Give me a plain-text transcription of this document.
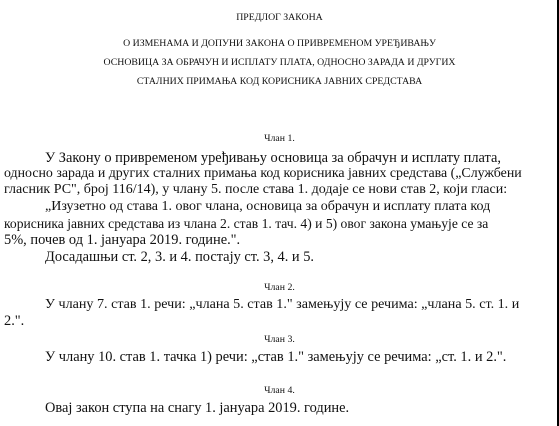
ПРЕДЛОГ ЗАКОНА
О ИЗМЕНАМА И ДОПУНИ ЗАКОНА О ПРИВРЕМЕНОМ УРЕЂИВАЊУ
ОСНОВИЦА ЗА ОБРАЧУН И ИСПЛАТУ ПЛАТА, ОДНОСНО ЗАРАДА И ДРУГИХ
СТАЛНИХ ПРИМАЊА КОД КОРИСНИКА ЈАВНИХ СРЕДСТАВА
Члан 1.
У Закону о привременом уређивању основица за обрачун и исплату плата,
односно зарада и других сталних примања код корисника јавних средстава („Службени
гласник РС", број 116/14), у члану 5. после става 1. додаје се нови став 2, који гласи:
„Изузетно од става 1. овог члана, основица за обрачун и исплату плата код
корисника јавних средстава из члана 2. став 1. тач. 4) и 5) овог закона умањује се за
5%, почев од 1. јануара 2019. године.".
Досадашњи ст. 2, 3. и 4. постају ст. 3, 4. и 5.
Члан 2.
У члану 7. став 1. речи: „члана 5. став 1." замењују се речима: „члана 5. ст. 1. и
2.".
Члан 3.
У члану 10. став 1. тачка 1) речи: „став 1." замењују се речима: „ст. 1. и 2.".
Члан 4.
Овај закон ступа на снагу 1. јануара 2019. године.
